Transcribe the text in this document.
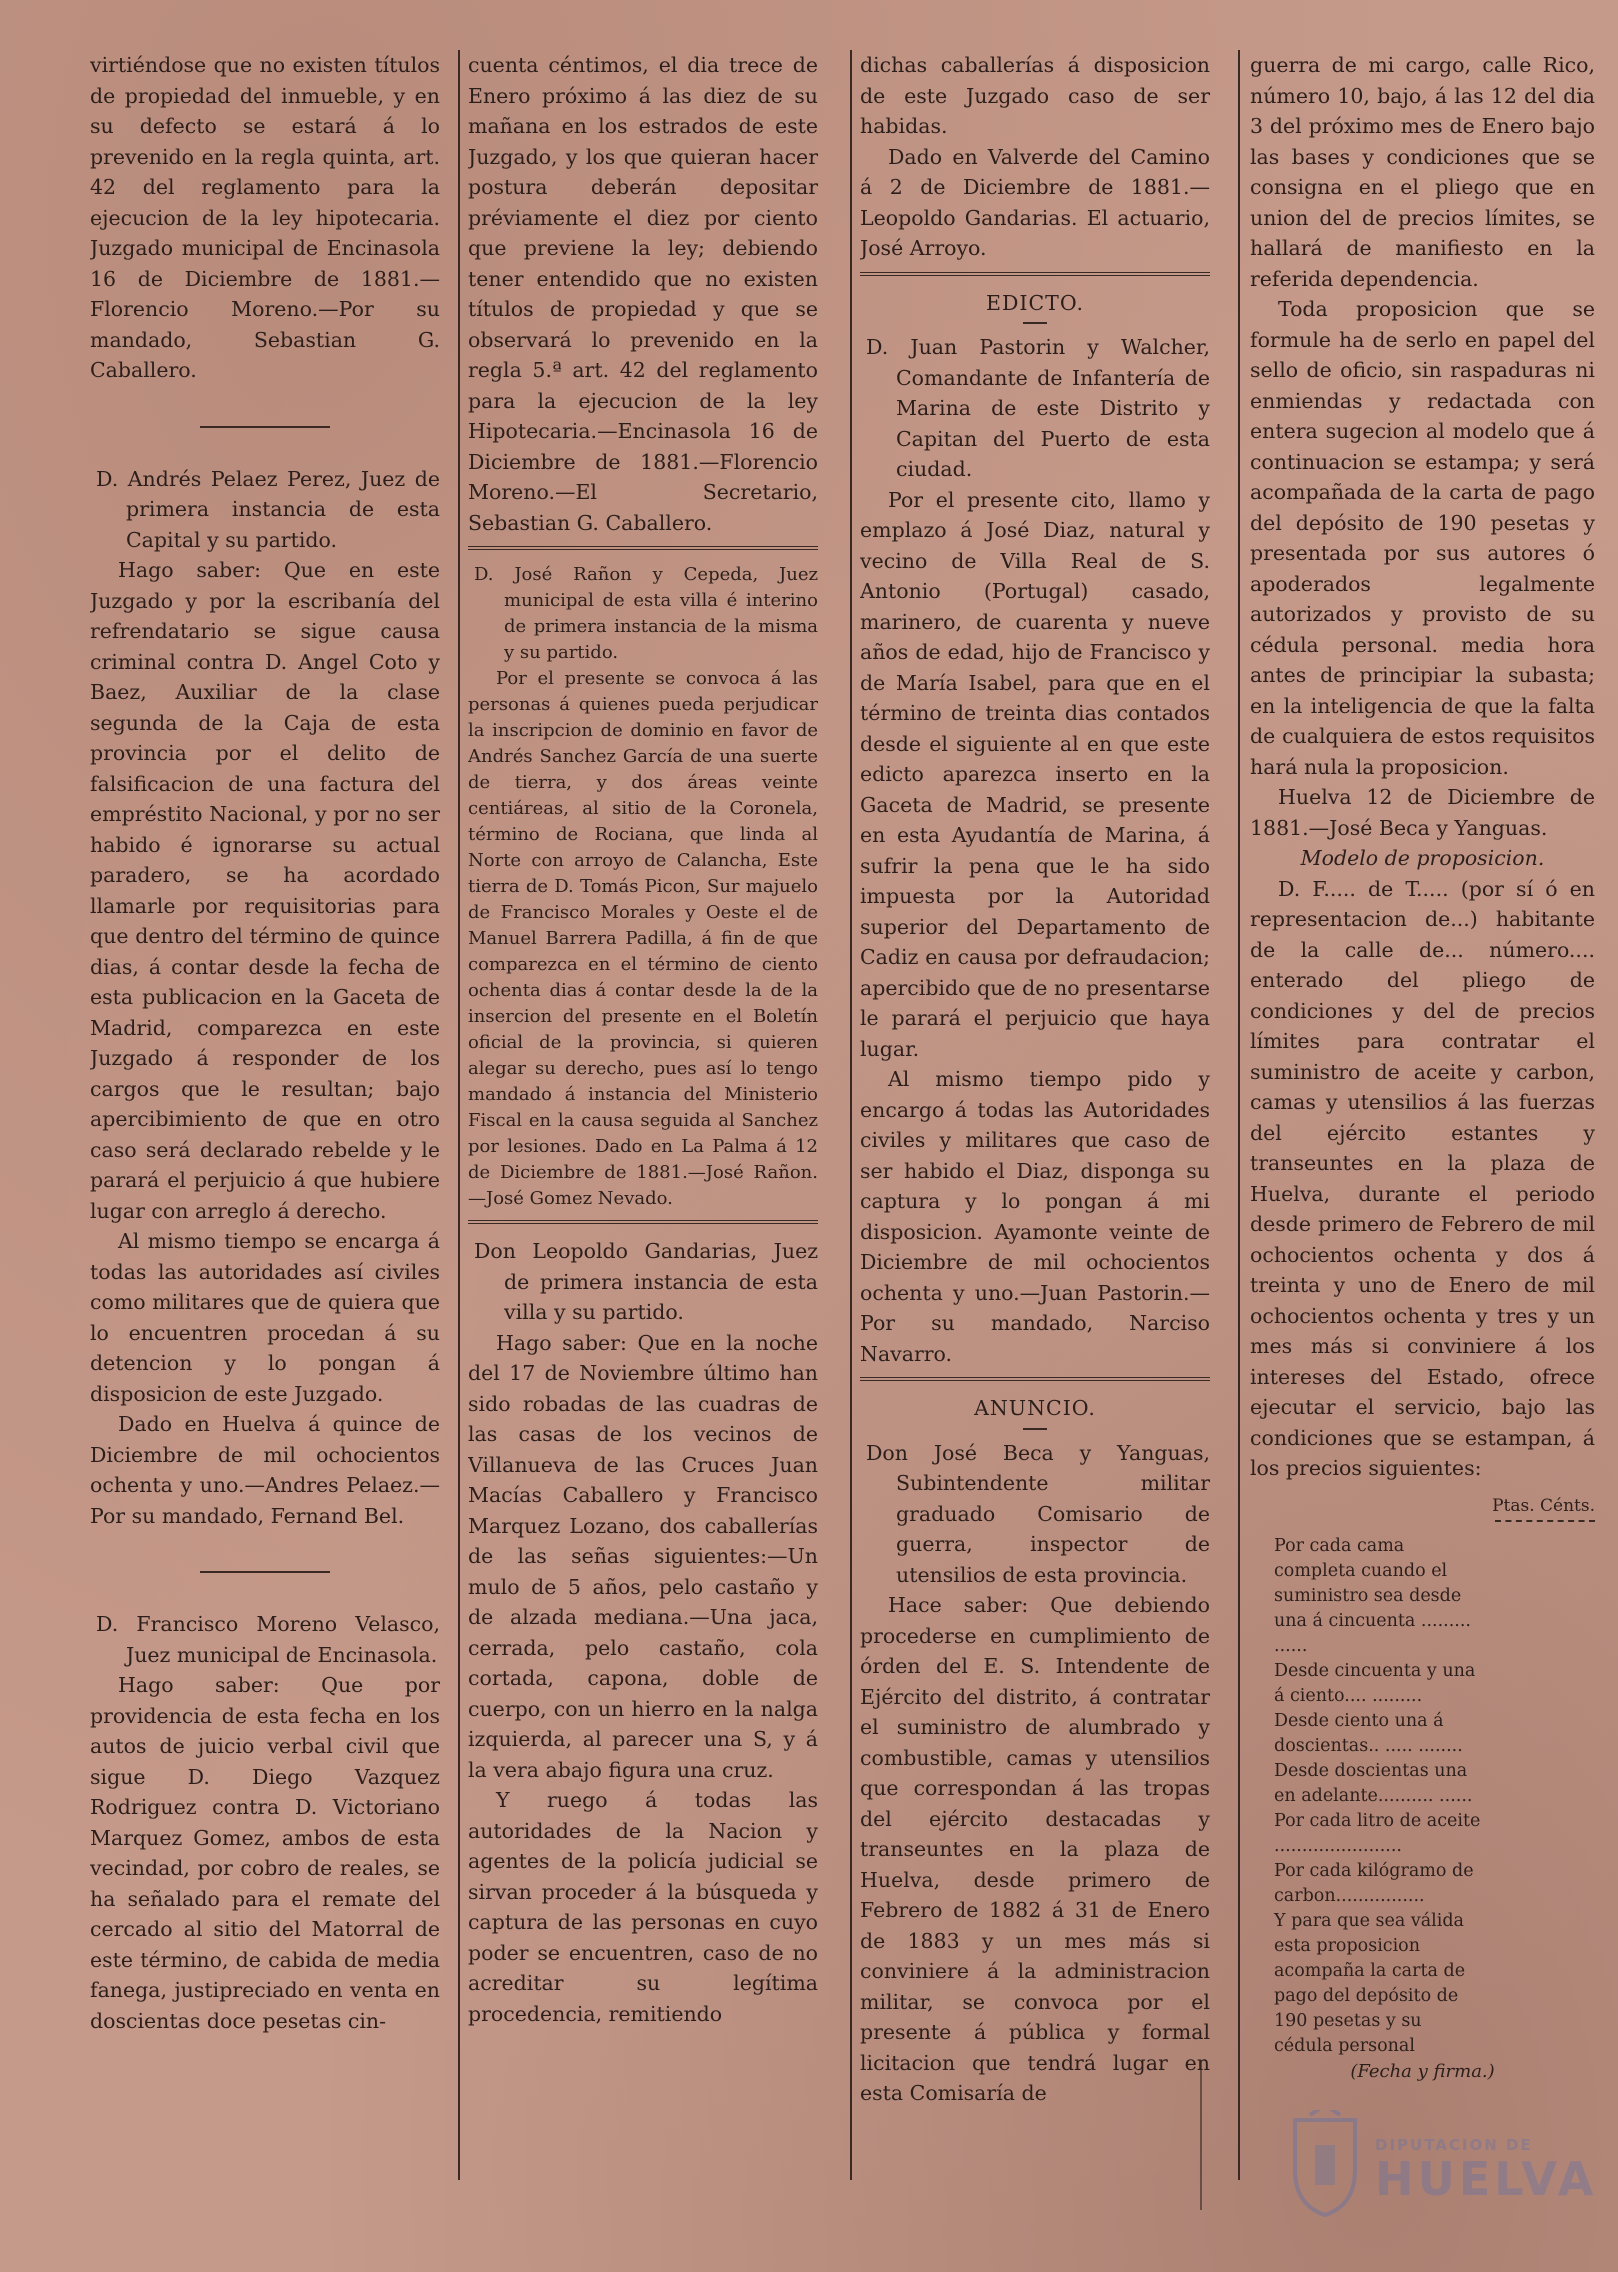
virtiéndose que no existen títulos de propiedad del inmueble, y en su defecto se estará á lo prevenido en la regla quinta, art. 42 del reglamento para la ejecucion de la ley hipotecaria. Juzgado municipal de Encinasola 16 de Diciembre de 1881.—Florencio Moreno.—Por su mandado, Sebastian G. Caballero.

D. Andrés Pelaez Perez, Juez de primera instancia de esta Capital y su partido.

Hago saber: Que en este Juzgado y por la escribanía del refrendatario se sigue causa criminal contra D. Angel Coto y Baez, Auxiliar de la clase segunda de la Caja de esta provincia por el delito de falsificacion de una factura del empréstito Nacional, y por no ser habido é ignorarse su actual paradero, se ha acordado llamarle por requisitorias para que dentro del término de quince dias, á contar desde la fecha de esta publicacion en la Gaceta de Madrid, comparezca en este Juzgado á responder de los cargos que le resultan; bajo apercibimiento de que en otro caso será declarado rebelde y le parará el perjuicio á que hubiere lugar con arreglo á derecho.

Al mismo tiempo se encarga á todas las autoridades así civiles como militares que de quiera que lo encuentren procedan á su detencion y lo pongan á disposicion de este Juzgado.

Dado en Huelva á quince de Diciembre de mil ochocientos ochenta y uno.—Andres Pelaez.—Por su mandado, Fernand Bel.

D. Francisco Moreno Velasco, Juez municipal de Encinasola.

Hago saber: Que por providencia de esta fecha en los autos de juicio verbal civil que sigue D. Diego Vazquez Rodriguez contra D. Victoriano Marquez Gomez, ambos de esta vecindad, por cobro de reales, se ha señalado para el remate del cercado al sitio del Matorral de este término, de cabida de media fanega, justipreciado en venta en doscientas doce pesetas cin-

cuenta céntimos, el dia trece de Enero próximo á las diez de su mañana en los estrados de este Juzgado, y los que quieran hacer postura deberán depositar préviamente el diez por ciento que previene la ley; debiendo tener entendido que no existen títulos de propiedad y que se observará lo prevenido en la regla 5.ª art. 42 del reglamento para la ejecucion de la ley Hipotecaria.—Encinasola 16 de Diciembre de 1881.—Florencio Moreno.—El Secretario, Sebastian G. Caballero.

D. José Rañon y Cepeda, Juez municipal de esta villa é interino de primera instancia de la misma y su partido.

Por el presente se convoca á las personas á quienes pueda perjudicar la inscripcion de dominio en favor de Andrés Sanchez García de una suerte de tierra, y dos áreas veinte centiáreas, al sitio de la Coronela, término de Rociana, que linda al Norte con arroyo de Calancha, Este tierra de D. Tomás Picon, Sur majuelo de Francisco Morales y Oeste el de Manuel Barrera Padilla, á fin de que comparezca en el término de ciento ochenta dias á contar desde la de la insercion del presente en el Boletín oficial de la provincia, si quieren alegar su derecho, pues así lo tengo mandado á instancia del Ministerio Fiscal en la causa seguida al Sanchez por lesiones. Dado en La Palma á 12 de Diciembre de 1881.—José Rañon.—José Gomez Nevado.

Don Leopoldo Gandarias, Juez de primera instancia de esta villa y su partido.

Hago saber: Que en la noche del 17 de Noviembre último han sido robadas de las cuadras de las casas de los vecinos de Villanueva de las Cruces Juan Macías Caballero y Francisco Marquez Lozano, dos caballerías de las señas siguientes:—Un mulo de 5 años, pelo castaño y de alzada mediana.—Una jaca, cerrada, pelo castaño, cola cortada, capona, doble de cuerpo, con un hierro en la nalga izquierda, al parecer una S, y á la vera abajo figura una cruz.

Y ruego á todas las autoridades de la Nacion y agentes de la policía judicial se sirvan proceder á la búsqueda y captura de las personas en cuyo poder se encuentren, caso de no acreditar su legítima procedencia, remitiendo

dichas caballerías á disposicion de este Juzgado caso de ser habidas.

Dado en Valverde del Camino á 2 de Diciembre de 1881.—Leopoldo Gandarias. El actuario, José Arroyo.

EDICTO.

D. Juan Pastorin y Walcher, Comandante de Infantería de Marina de este Distrito y Capitan del Puerto de esta ciudad.

Por el presente cito, llamo y emplazo á José Diaz, natural y vecino de Villa Real de S. Antonio (Portugal) casado, marinero, de cuarenta y nueve años de edad, hijo de Francisco y de María Isabel, para que en el término de treinta dias contados desde el siguiente al en que este edicto aparezca inserto en la Gaceta de Madrid, se presente en esta Ayudantía de Marina, á sufrir la pena que le ha sido impuesta por la Autoridad superior del Departamento de Cadiz en causa por defraudacion; apercibido que de no presentarse le parará el perjuicio que haya lugar.

Al mismo tiempo pido y encargo á todas las Autoridades civiles y militares que caso de ser habido el Diaz, disponga su captura y lo pongan á mi disposicion. Ayamonte veinte de Diciembre de mil ochocientos ochenta y uno.—Juan Pastorin.—Por su mandado, Narciso Navarro.

ANUNCIO.

Don José Beca y Yanguas, Subintendente militar graduado Comisario de guerra, inspector de utensilios de esta provincia.

Hace saber: Que debiendo procederse en cumplimiento de órden del E. S. Intendente de Ejército del distrito, á contratar el suministro de alumbrado y combustible, camas y utensilios que correspondan á las tropas del ejército destacadas y transeuntes en la plaza de Huelva, desde primero de Febrero de 1882 á 31 de Enero de 1883 y un mes más si conviniere á la administracion militar, se convoca por el presente á pública y formal licitacion que tendrá lugar en esta Comisaría de

guerra de mi cargo, calle Rico, número 10, bajo, á las 12 del dia 3 del próximo mes de Enero bajo las bases y condiciones que se consigna en el pliego que en union del de precios límites, se hallará de manifiesto en la referida dependencia.

Toda proposicion que se formule ha de serlo en papel del sello de oficio, sin raspaduras ni enmiendas y redactada con entera sugecion al modelo que á continuacion se estampa; y será acompañada de la carta de pago del depósito de 190 pesetas y presentada por sus autores ó apoderados legalmente autorizados y provisto de su cédula personal. media hora antes de principiar la subasta; en la inteligencia de que la falta de cualquiera de estos requisitos hará nula la proposicion.

Huelva 12 de Diciembre de 1881.—José Beca y Yanguas.

Modelo de proposicion.

D. F..... de T..... (por sí ó en representacion de...) habitante de la calle de... número.... enterado del pliego de condiciones y del de precios límites para contratar el suministro de aceite y carbon, camas y utensilios á las fuerzas del ejército estantes y transeuntes en la plaza de Huelva, durante el periodo desde primero de Febrero de mil ochocientos ochenta y dos á treinta y uno de Enero de mil ochocientos ochenta y tres y un mes más si conviniere á los intereses del Estado, ofrece ejecutar el servicio, bajo las condiciones que se estampan, á los precios siguientes:

Ptas. Cénts.
Por cada cama completa cuando el suministro sea desde una á cincuenta ......... ......
Desde cincuenta y una á ciento.... .........
Desde ciento una á doscientas.. ..... ........
Desde doscientas una en adelante.......... ......
Por cada litro de aceite .......................
Por cada kilógramo de carbon................
Y para que sea válida esta proposicion acompaña la carta de pago del depósito de 190 pesetas y su cédula personal

(Fecha y firma.)

DIPUTACION DE
HUELVA
